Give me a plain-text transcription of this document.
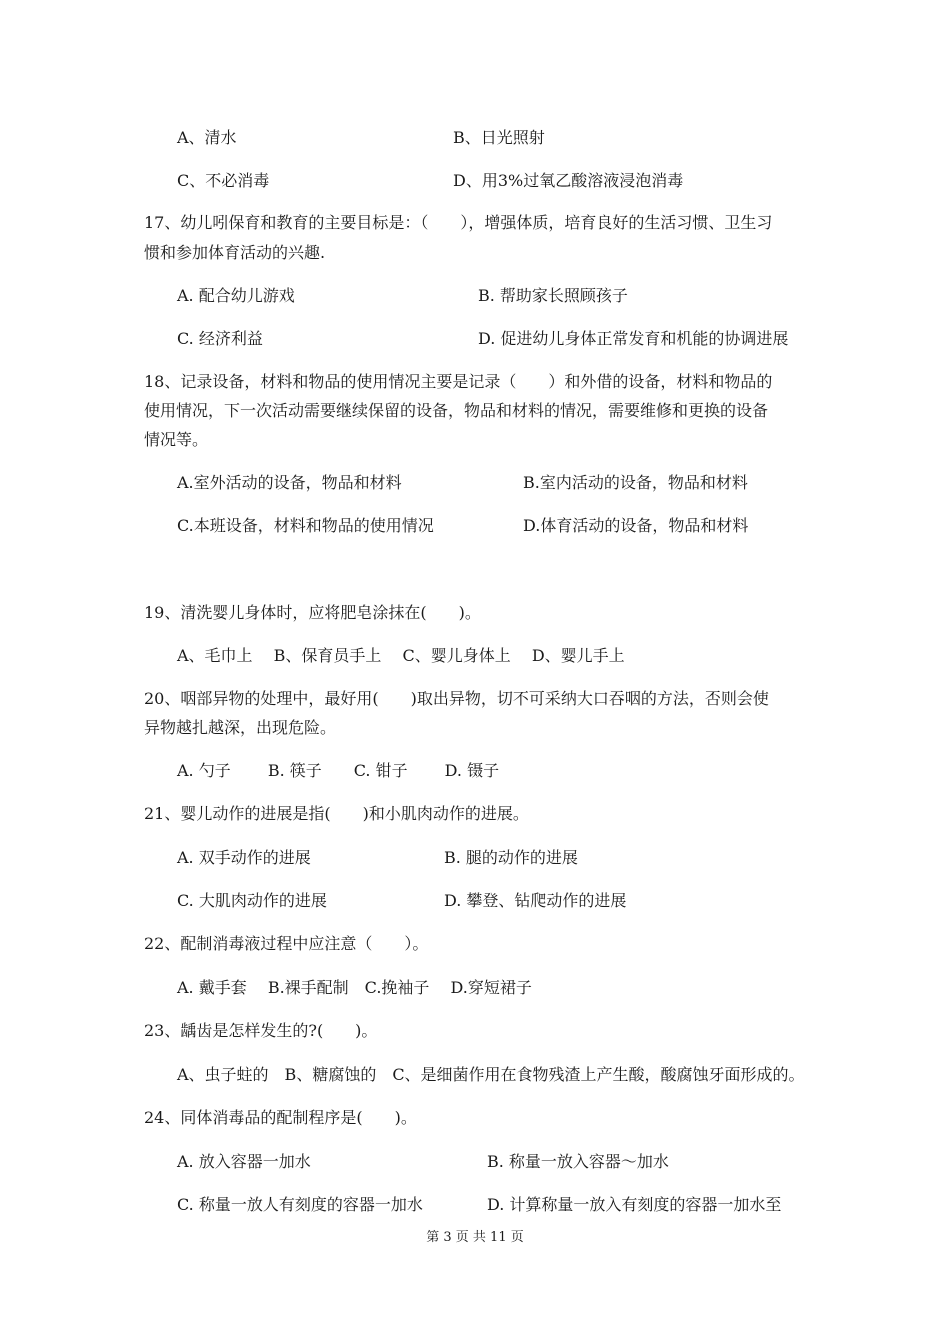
A、清水	B、日光照射
C、不必消毒	D、用3%过氧乙酸溶液浸泡消毒
17、幼儿吲保育和教育的主要目标是：（　　），增强体质，培育良好的生活习惯、卫生习
惯和参加体育活动的兴趣.
A. 配合幼儿游戏	B. 帮助家长照顾孩子
C. 经济利益	D. 促进幼儿身体正常发育和机能的协调进展
18、记录设备，材料和物品的使用情况主要是记录（　　）和外借的设备，材料和物品的
使用情况，下一次活动需要继续保留的设备，物品和材料的情况，需要维修和更换的设备
情况等。
A.室外活动的设备，物品和材料	B.室内活动的设备，物品和材料
C.本班设备，材料和物品的使用情况	D.体育活动的设备，物品和材料
19、清洗婴儿身体时，应将肥皂涂抹在(　　)。
A、毛巾上　 B、保育员手上　 C、婴儿身体上　 D、婴儿手上
20、咽部异物的处理中，最好用(　　)取出异物，切不可采纳大口吞咽的方法，否则会使
异物越扎越深，出现危险。
A. 勺子　　 B. 筷子　　C. 钳子　　 D. 镊子
21、婴儿动作的进展是指(　　)和小肌肉动作的进展。
A. 双手动作的进展	B. 腿的动作的进展
C. 大肌肉动作的进展	D. 攀登、钻爬动作的进展
22、配制消毒液过程中应注意（　　）。
A. 戴手套　 B.裸手配制　C.挽袖子　 D.穿短裙子
23、龋齿是怎样发生的?(　　)。
A、虫子蛀的　B、糖腐蚀的　C、是细菌作用在食物残渣上产生酸，酸腐蚀牙面形成的。
24、同体消毒品的配制程序是(　　)。
A. 放入容器一加水	B. 称量一放入容器～加水
C. 称量一放人有刻度的容器一加水	D. 计算称量一放入有刻度的容器一加水至
第 3 页 共 11 页
